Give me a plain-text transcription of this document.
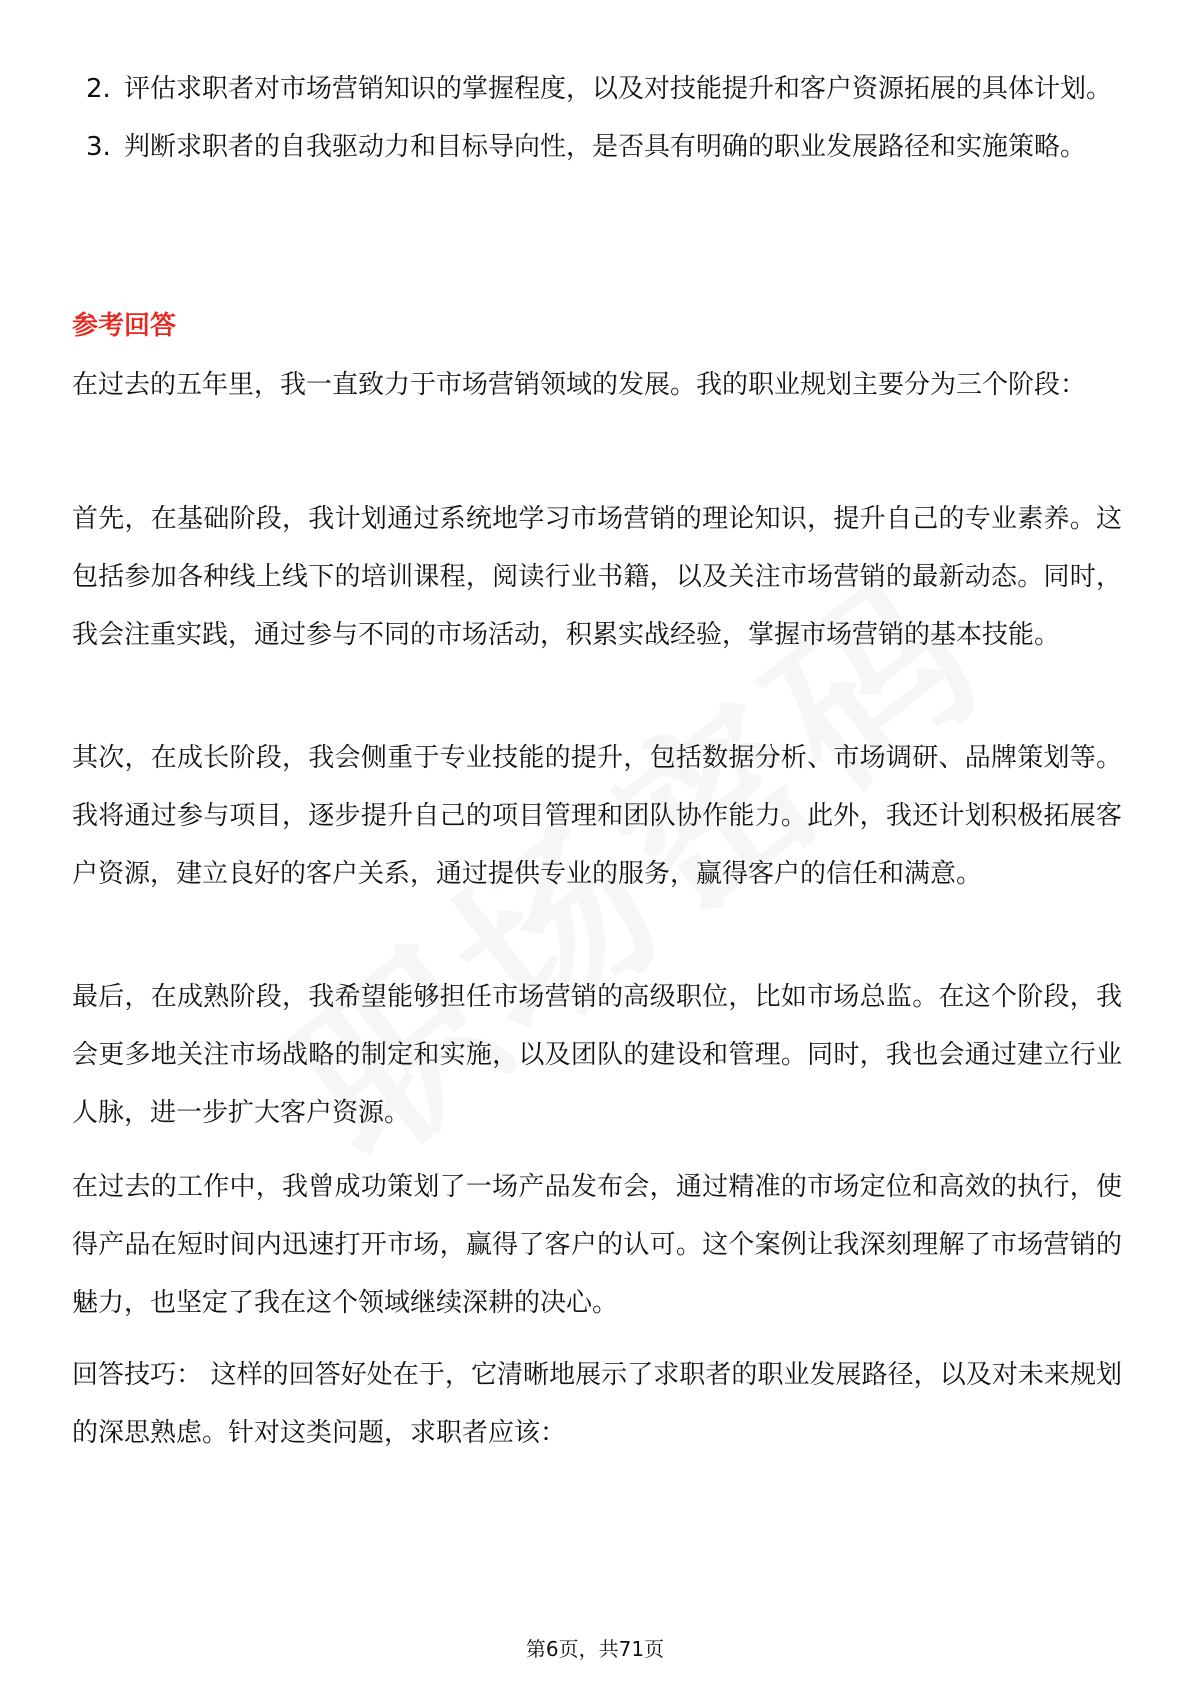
2. 评估求职者对市场营销知识的掌握程度，以及对技能提升和客户资源拓展的具体计划。
3. 判断求职者的自我驱动力和目标导向性，是否具有明确的职业发展路径和实施策略。
参考回答

在过去的五年里，我一直致力于市场营销领域的发展。我的职业规划主要分为三个阶段：

首先，在基础阶段，我计划通过系统地学习市场营销的理论知识，提升自己的专业素养。这包括参加各种线上线下的培训课程，阅读行业书籍，以及关注市场营销的最新动态。同时，我会注重实践，通过参与不同的市场活动，积累实战经验，掌握市场营销的基本技能。

其次，在成长阶段，我会侧重于专业技能的提升，包括数据分析、市场调研、品牌策划等。我将通过参与项目，逐步提升自己的项目管理和团队协作能力。此外，我还计划积极拓展客户资源，建立良好的客户关系，通过提供专业的服务，赢得客户的信任和满意。

最后，在成熟阶段，我希望能够担任市场营销的高级职位，比如市场总监。在这个阶段，我会更多地关注市场战略的制定和实施，以及团队的建设和管理。同时，我也会通过建立行业人脉，进一步扩大客户资源。

在过去的工作中，我曾成功策划了一场产品发布会，通过精准的市场定位和高效的执行，使得产品在短时间内迅速打开市场，赢得了客户的认可。这个案例让我深刻理解了市场营销的魅力，也坚定了我在这个领域继续深耕的决心。

回答技巧： 这样的回答好处在于，它清晰地展示了求职者的职业发展路径，以及对未来规划的深思熟虑。针对这类问题，求职者应该：

第6页，共71页
